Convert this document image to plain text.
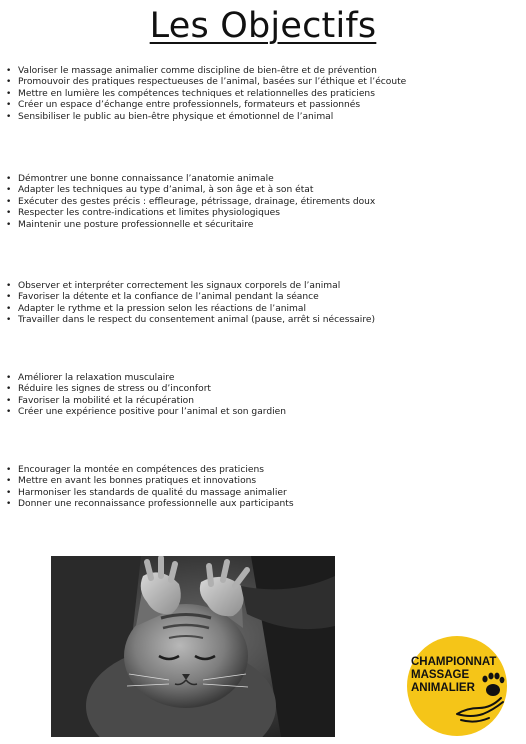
Les Objectifs
• Valoriser le massage animalier comme discipline de bien-être et de prévention
• Promouvoir des pratiques respectueuses de l’animal, basées sur l’éthique et l’écoute
• Mettre en lumière les compétences techniques et relationnelles des praticiens
• Créer un espace d’échange entre professionnels, formateurs et passionnés
• Sensibiliser le public au bien-être physique et émotionnel de l’animal
• Démontrer une bonne connaissance l’anatomie animale
• Adapter les techniques au type d’animal, à son âge et à son état
• Exécuter des gestes précis : effleurage, pétrissage, drainage, étirements doux
• Respecter les contre-indications et limites physiologiques
• Maintenir une posture professionnelle et sécuritaire
• Observer et interpréter correctement les signaux corporels de l’animal
• Favoriser la détente et la confiance de l’animal pendant la séance
• Adapter le rythme et la pression selon les réactions de l’animal
• Travailler dans le respect du consentement animal (pause, arrêt si nécessaire)
• Améliorer la relaxation musculaire
• Réduire les signes de stress ou d’inconfort
• Favoriser la mobilité et la récupération
• Créer une expérience positive pour l’animal et son gardien
• Encourager la montée en compétences des praticiens
• Mettre en avant les bonnes pratiques et innovations
• Harmoniser les standards de qualité du massage animalier
• Donner une reconnaissance professionnelle aux participants
CHAMPIONNAT
MASSAGE
ANIMALIER
